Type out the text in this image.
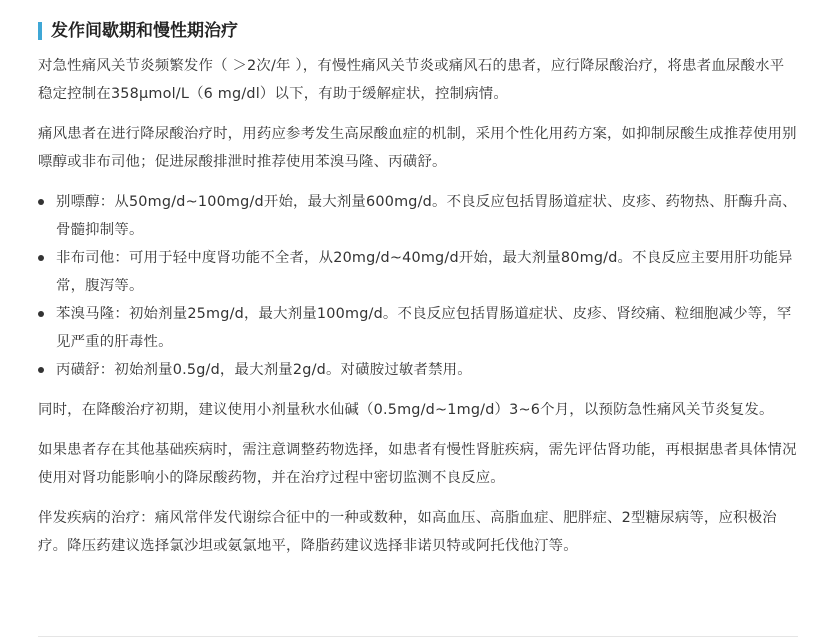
发作间歇期和慢性期治疗

对急性痛风关节炎频繁发作（ ＞2次/年 ），有慢性痛风关节炎或痛风石的患者，应行降尿酸治疗，将患者血尿酸水平稳定控制在358μmol/L（6 mg/dl）以下，有助于缓解症状，控制病情。

痛风患者在进行降尿酸治疗时，用药应参考发生高尿酸血症的机制，采用个性化用药方案，如抑制尿酸生成推荐使用别嘌醇或非布司他；促进尿酸排泄时推荐使用苯溴马隆、丙磺舒。

别嘌醇：从50mg/d~100mg/d开始，最大剂量600mg/d。不良反应包括胃肠道症状、皮疹、药物热、肝酶升高、骨髓抑制等。
非布司他：可用于轻中度肾功能不全者，从20mg/d~40mg/d开始，最大剂量80mg/d。不良反应主要用肝功能异常，腹泻等。
苯溴马隆：初始剂量25mg/d，最大剂量100mg/d。不良反应包括胃肠道症状、皮疹、肾绞痛、粒细胞减少等，罕见严重的肝毒性。
丙磺舒：初始剂量0.5g/d，最大剂量2g/d。对磺胺过敏者禁用。

同时，在降酸治疗初期，建议使用小剂量秋水仙碱（0.5mg/d~1mg/d）3~6个月，以预防急性痛风关节炎复发。

如果患者存在其他基础疾病时，需注意调整药物选择，如患者有慢性肾脏疾病，需先评估肾功能，再根据患者具体情况使用对肾功能影响小的降尿酸药物，并在治疗过程中密切监测不良反应。

伴发疾病的治疗：痛风常伴发代谢综合征中的一种或数种，如高血压、高脂血症、肥胖症、2型糖尿病等，应积极治疗。降压药建议选择氯沙坦或氨氯地平，降脂药建议选择非诺贝特或阿托伐他汀等。
